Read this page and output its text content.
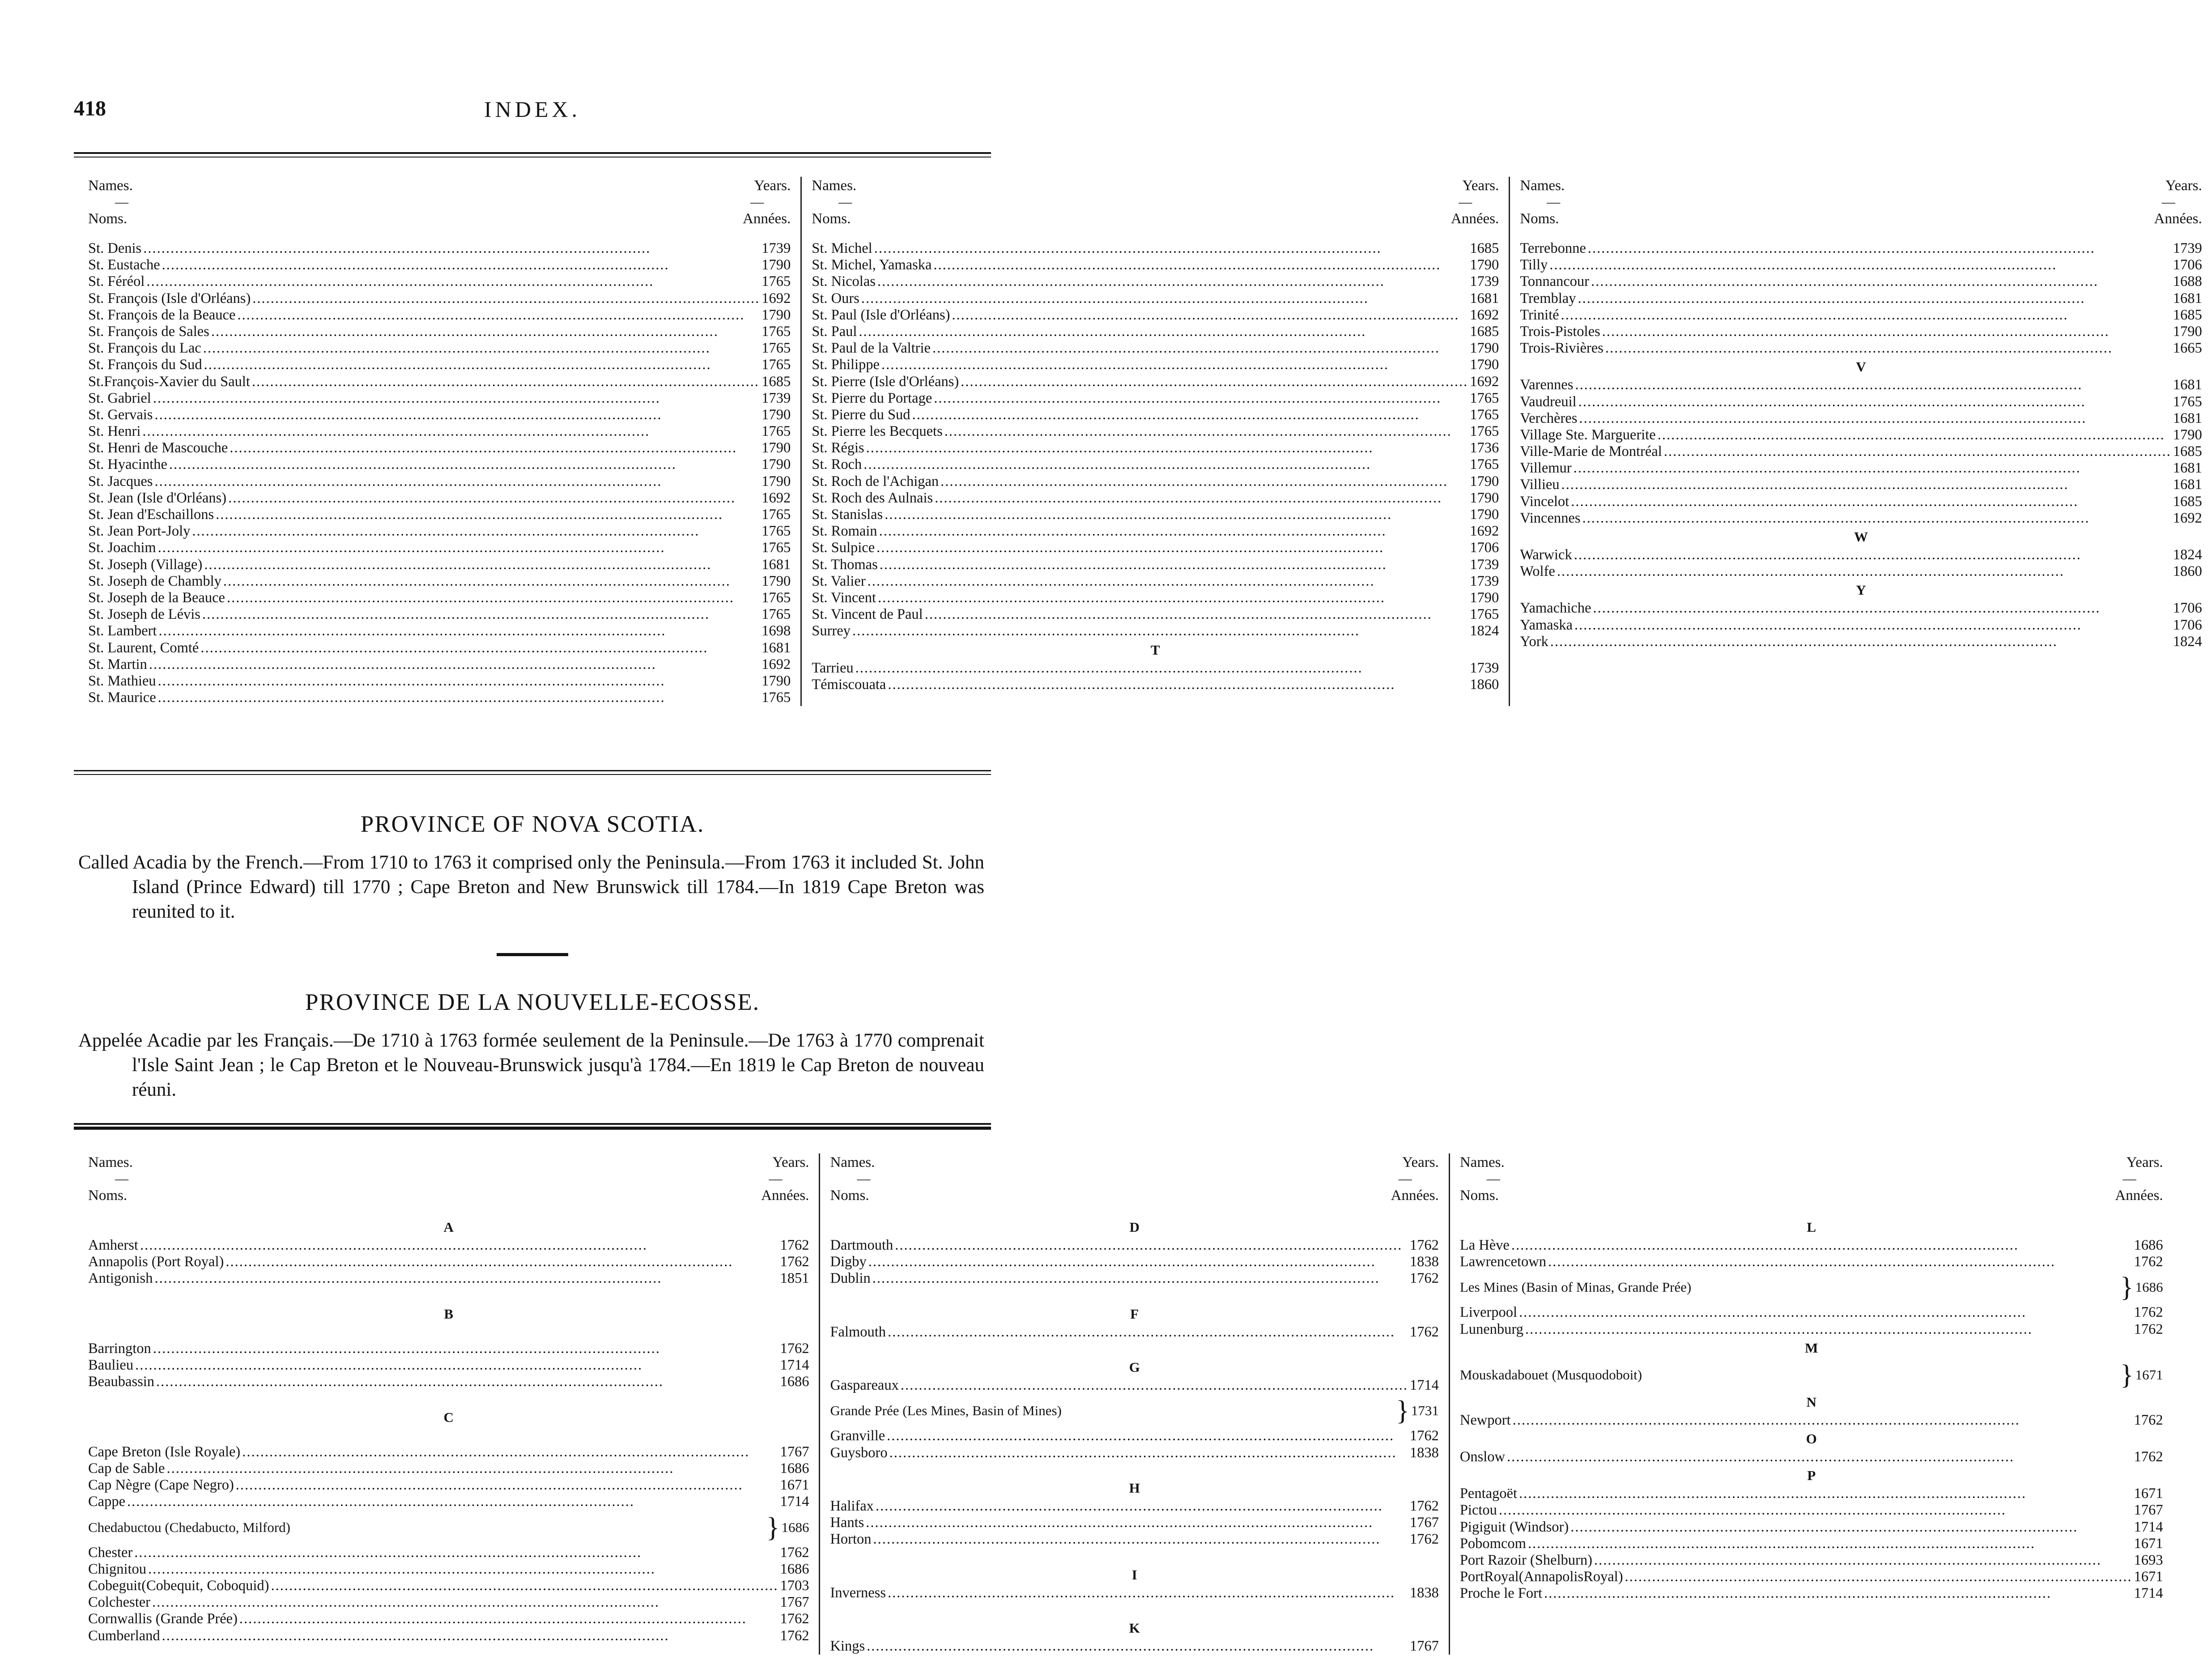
418	INDEX.
Names.	Years.
—	—
Noms.	Années.
St. Denis .....	1739
St. Eustache .....	1790
St. Féréol .....	1765
St. François (Isle d'Orléans) .....	1692
St. François de la Beauce .....	1790
St. François de Sales .....	1765
St. François du Lac .....	1765
St. François du Sud .....	1765
St.François-Xavier du Sault .....	1685
St. Gabriel .....	1739
St. Gervais .....	1790
St. Henri .....	1765
St. Henri de Mascouche .....	1790
St. Hyacinthe .....	1790
St. Jacques .....	1790
St. Jean (Isle d'Orléans) .....	1692
St. Jean d'Eschaillons .....	1765
St. Jean Port-Joly .....	1765
St. Joachim .....	1765
St. Joseph (Village) .....	1681
St. Joseph de Chambly .....	1790
St. Joseph de la Beauce .....	1765
St. Joseph de Lévis .....	1765
St. Lambert .....	1698
St. Laurent, Comté .....	1681
St. Martin .....	1692
St. Mathieu .....	1790
St. Maurice .....	1765
Names.	Years.
—	—
Noms.	Années.
St. Michel .....	1685
St. Michel, Yamaska .....	1790
St. Nicolas .....	1739
St. Ours .....	1681
St. Paul (Isle d'Orléans) .....	1692
St. Paul .....	1685
St. Paul de la Valtrie .....	1790
St. Philippe .....	1790
St. Pierre (Isle d'Orléans) .....	1692
St. Pierre du Portage .....	1765
St. Pierre du Sud .....	1765
St. Pierre les Becquets .....	1765
St. Régis .....	1736
St. Roch .....	1765
St. Roch de l'Achigan .....	1790
St. Roch des Aulnais .....	1790
St. Stanislas .....	1790
St. Romain .....	1692
St. Sulpice .....	1706
St. Thomas .....	1739
St. Valier .....	1739
St. Vincent .....	1790
St. Vincent de Paul .....	1765
Surrey .....	1824
T
Tarrieu .....	1739
Témiscouata .....	1860
Names.	Years.
—	—
Noms.	Années.
Terrebonne .....	1739
Tilly .....	1706
Tonnancour .....	1688
Tremblay .....	1681
Trinité .....	1685
Trois-Pistoles .....	1790
Trois-Rivières .....	1665
V
Varennes .....	1681
Vaudreuil .....	1765
Verchères .....	1681
Village Ste. Marguerite .....	1790
Ville-Marie de Montréal .....	1685
Villemur .....	1681
Villieu .....	1681
Vincelot .....	1685
Vincennes .....	1692
W
Warwick .....	1824
Wolfe .....	1860
Y
Yamachiche .....	1706
Yamaska .....	1706
York .....	1824
PROVINCE OF NOVA SCOTIA.
Called Acadia by the French.—From 1710 to 1763 it comprised only the Peninsula.—From 1763 it included St. John Island (Prince Edward) till 1770 ; Cape Breton and New Brunswick till 1784.—In 1819 Cape Breton was reunited to it.
PROVINCE DE LA NOUVELLE-ECOSSE.
Appelée Acadie par les Français.—De 1710 à 1763 formée seulement de la Peninsule.—De 1763 à 1770 comprenait l'Isle Saint Jean ; le Cap Breton et le Nouveau-Brunswick jusqu'à 1784.—En 1819 le Cap Breton de nouveau réuni.
Names.	Years.
—	—
Noms.	Années.
A
Amherst .....	1762
Annapolis (Port Royal) .....	1762
Antigonish .....	1851
B
Barrington .....	1762
Baulieu .....	1714
Beaubassin .....	1686
C
Cape Breton (Isle Royale) .....	1767
Cap de Sable .....	1686
Cap Nègre (Cape Negro) .....	1671
Cappe .....	1714
Chedabuctou (Chedabucto, Milford)	} 1686
Chester .....	1762
Chignitou .....	1686
Cobeguit(Cobequit, Coboquid) .....	1703
Colchester .....	1767
Cornwallis (Grande Prée) .....	1762
Cumberland .....	1762
Names.	Years.
—	—
Noms.	Années.
D
Dartmouth .....	1762
Digby .....	1838
Dublin .....	1762
F
Falmouth .....	1762
G
Gaspareaux .....	1714
Grande Prée (Les Mines, Basin of Mines)	} 1731
Granville .....	1762
Guysboro .....	1838
H
Halifax .....	1762
Hants .....	1767
Horton .....	1762
I
Inverness .....	1838
K
Kings .....	1767
Names.	Years.
—	—
Noms.	Années.
L
La Hève .....	1686
Lawrencetown .....	1762
Les Mines (Basin of Minas, Grande Prée)	} 1686
Liverpool .....	1762
Lunenburg .....	1762
M
Mouskadabouet (Musquodoboit)	} 1671
N
Newport .....	1762
O
Onslow .....	1762
P
Pentagoët .....	1671
Pictou .....	1767
Pigiguit (Windsor) .....	1714
Pobomcom .....	1671
Port Razoir (Shelburn) .....	1693
PortRoyal(AnnapolisRoyal) .....	1671
Proche le Fort .....	1714
